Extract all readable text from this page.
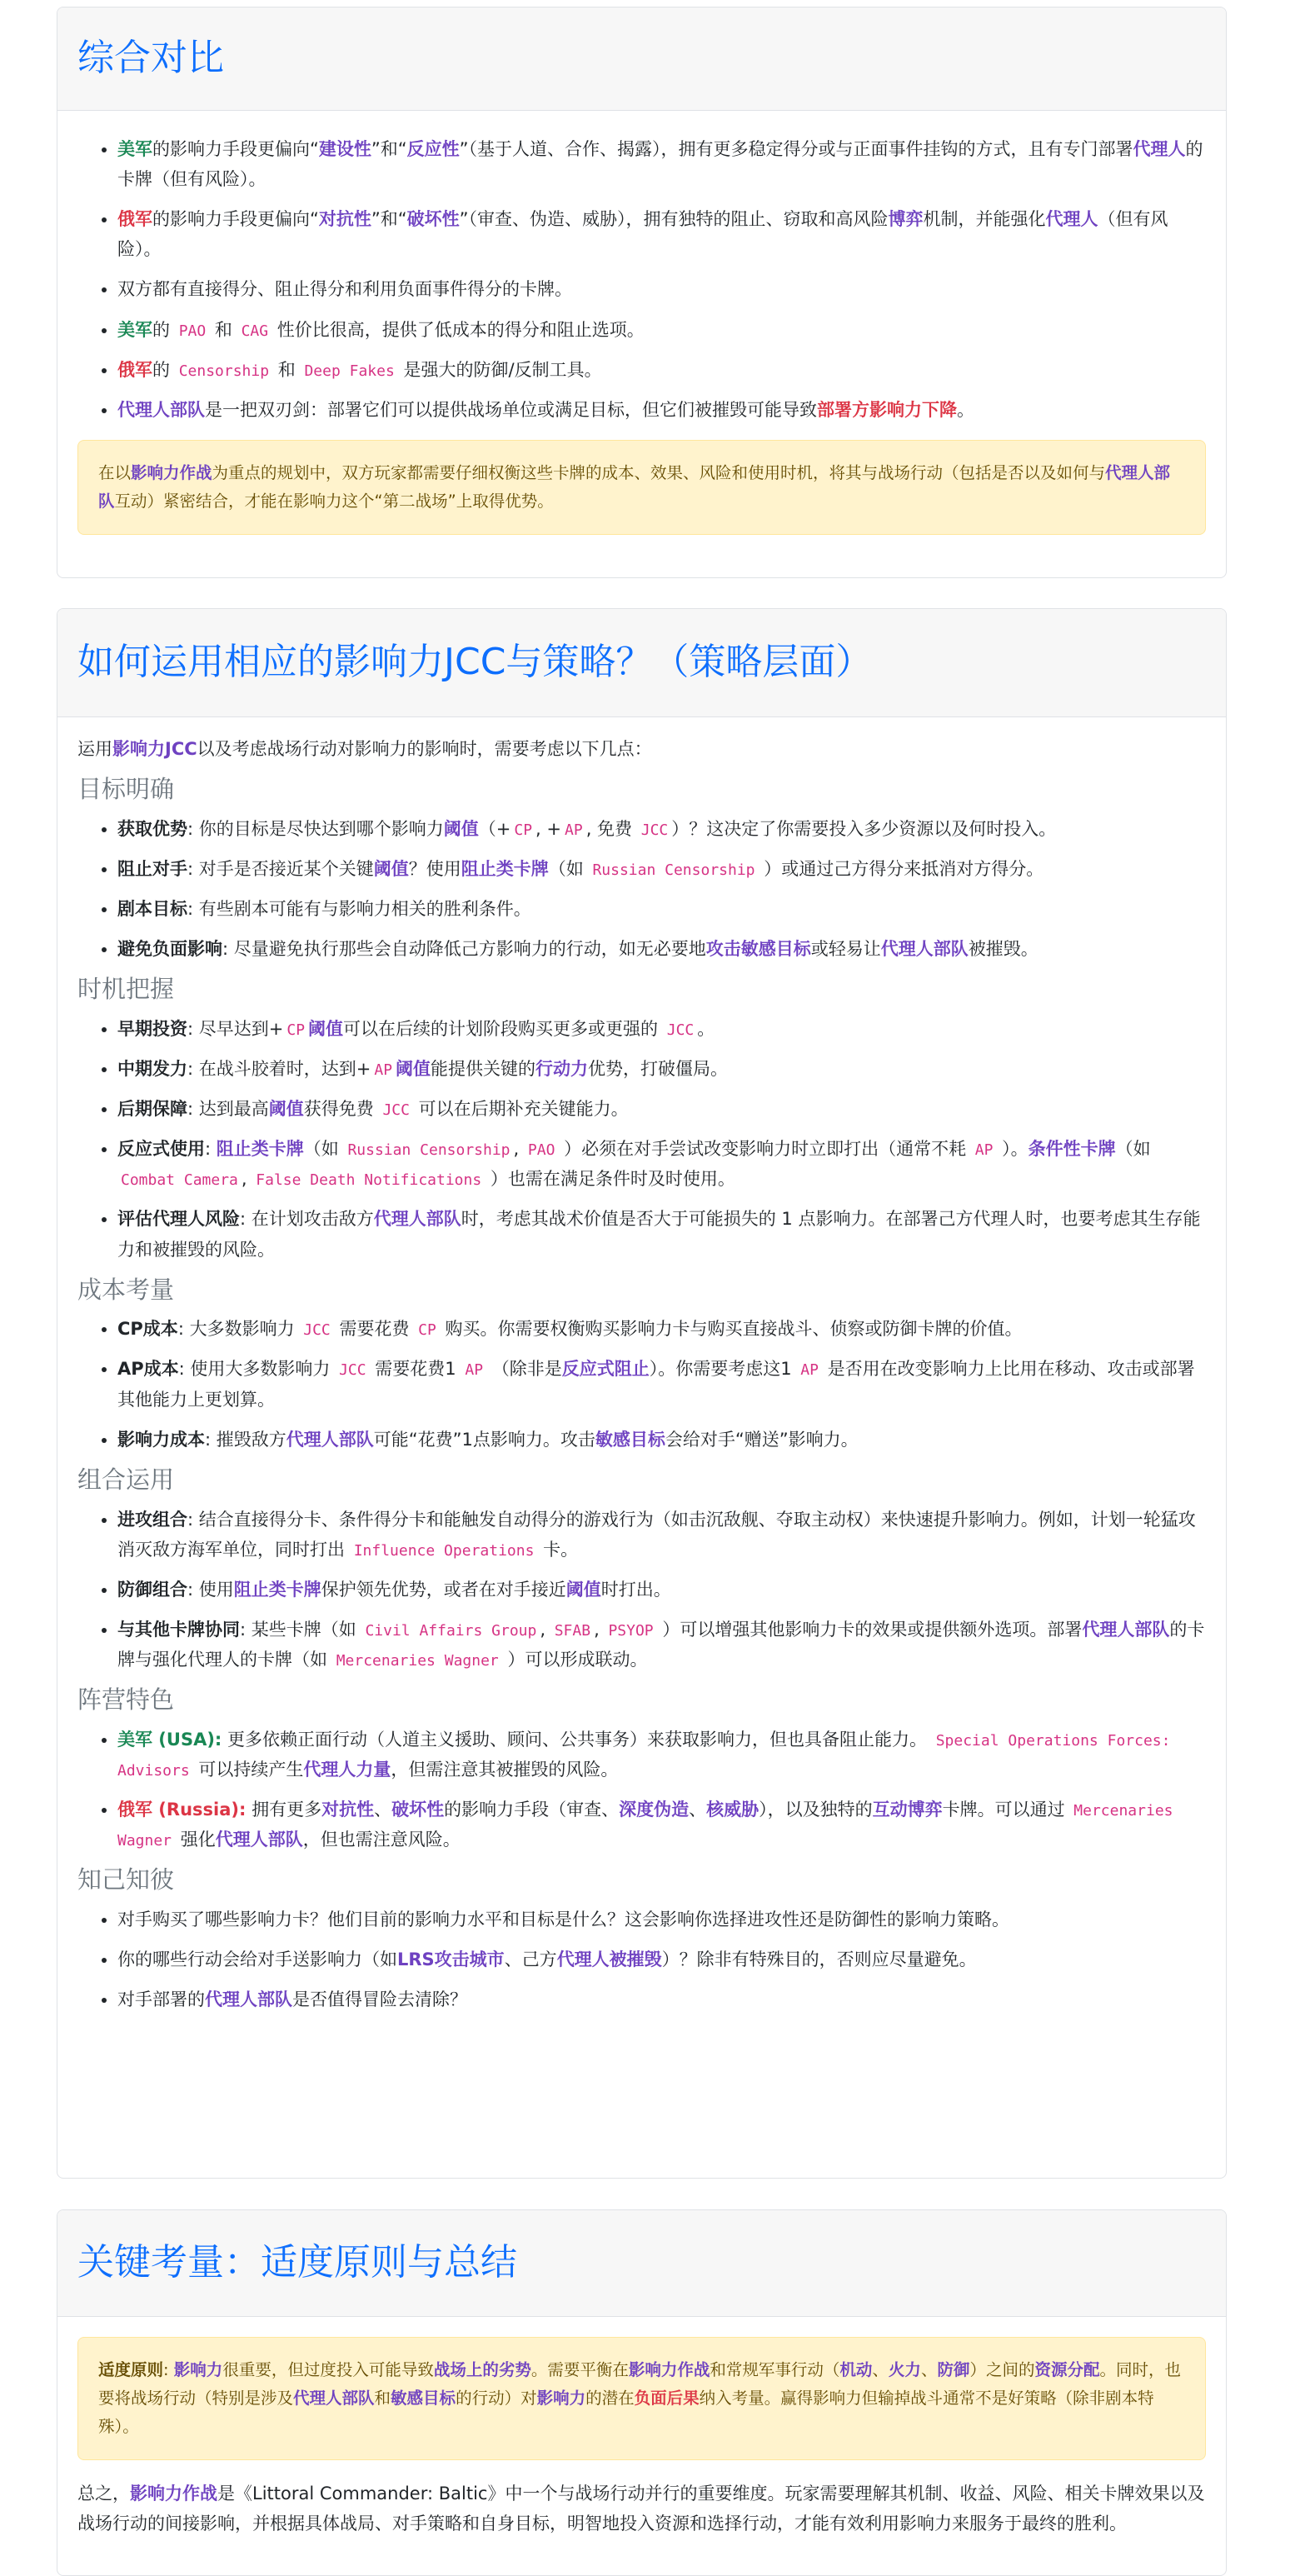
综合对比
• 美军的影响力手段更偏向“建设性”和“反应性”（基于人道、合作、揭露），拥有更多稳定得分或与正面事件挂钩的方式，且有专门部署代理人的卡牌（但有风险）。
• 俄军的影响力手段更偏向“对抗性”和“破坏性”（审查、伪造、威胁），拥有独特的阻止、窃取和高风险博弈机制，并能强化代理人（但有风险）。
• 双方都有直接得分、阻止得分和利用负面事件得分的卡牌。
• 美军的 PAO 和 CAG 性价比很高，提供了低成本的得分和阻止选项。
• 俄军的 Censorship 和 Deep Fakes 是强大的防御/反制工具。
• 代理人部队是一把双刃剑：部署它们可以提供战场单位或满足目标，但它们被摧毁可能导致部署方影响力下降。
在以影响力作战为重点的规划中，双方玩家都需要仔细权衡这些卡牌的成本、效果、风险和使用时机，将其与战场行动（包括是否以及如何与代理人部队互动）紧密结合，才能在影响力这个“第二战场”上取得优势。
如何运用相应的影响力JCC与策略？（策略层面）

运用影响力JCC以及考虑战场行动对影响力的影响时，需要考虑以下几点：

目标明确
• 获取优势: 你的目标是尽快达到哪个影响力阈值（+ CP , + AP , 免费 JCC ）？这决定了你需要投入多少资源以及何时投入。
• 阻止对手: 对手是否接近某个关键阈值？使用阻止类卡牌（如 Russian Censorship ）或通过己方得分来抵消对方得分。
• 剧本目标: 有些剧本可能有与影响力相关的胜利条件。
• 避免负面影响: 尽量避免执行那些会自动降低己方影响力的行动，如无必要地攻击敏感目标或轻易让代理人部队被摧毁。
时机把握
• 早期投资: 尽早达到+ CP 阈值可以在后续的计划阶段购买更多或更强的 JCC 。
• 中期发力: 在战斗胶着时，达到+ AP 阈值能提供关键的行动力优势，打破僵局。
• 后期保障: 达到最高阈值获得免费 JCC 可以在后期补充关键能力。
• 反应式使用: 阻止类卡牌（如 Russian Censorship , PAO ）必须在对手尝试改变影响力时立即打出（通常不耗 AP ）。条件性卡牌（如 Combat Camera , False Death Notifications ）也需在满足条件时及时使用。
• 评估代理人风险: 在计划攻击敌方代理人部队时，考虑其战术价值是否大于可能损失的 1 点影响力。在部署己方代理人时，也要考虑其生存能力和被摧毁的风险。
成本考量
• CP成本: 大多数影响力 JCC 需要花费 CP 购买。你需要权衡购买影响力卡与购买直接战斗、侦察或防御卡牌的价值。
• AP成本: 使用大多数影响力 JCC 需要花费1 AP （除非是反应式阻止）。你需要考虑这1 AP 是否用在改变影响力上比用在移动、攻击或部署其他能力上更划算。
• 影响力成本: 摧毁敌方代理人部队可能“花费”1点影响力。攻击敏感目标会给对手“赠送”影响力。
组合运用
• 进攻组合: 结合直接得分卡、条件得分卡和能触发自动得分的游戏行为（如击沉敌舰、夺取主动权）来快速提升影响力。例如，计划一轮猛攻消灭敌方海军单位，同时打出 Influence Operations 卡。
• 防御组合: 使用阻止类卡牌保护领先优势，或者在对手接近阈值时打出。
• 与其他卡牌协同: 某些卡牌（如 Civil Affairs Group , SFAB , PSYOP ）可以增强其他影响力卡的效果或提供额外选项。部署代理人部队的卡牌与强化代理人的卡牌（如 Mercenaries Wagner ）可以形成联动。
阵营特色
• 美军 (USA): 更多依赖正面行动（人道主义援助、顾问、公共事务）来获取影响力，但也具备阻止能力。 Special Operations Forces: Advisors 可以持续产生代理人力量，但需注意其被摧毁的风险。
• 俄军 (Russia): 拥有更多对抗性、破坏性的影响力手段（审查、深度伪造、核威胁），以及独特的互动博弈卡牌。可以通过 Mercenaries Wagner 强化代理人部队，但也需注意风险。
知己知彼
• 对手购买了哪些影响力卡？他们目前的影响力水平和目标是什么？这会影响你选择进攻性还是防御性的影响力策略。
• 你的哪些行动会给对手送影响力（如LRS攻击城市、己方代理人被摧毁）？除非有特殊目的，否则应尽量避免。
• 对手部署的代理人部队是否值得冒险去清除？
关键考量：适度原则与总结
适度原则: 影响力很重要，但过度投入可能导致战场上的劣势。需要平衡在影响力作战和常规军事行动（机动、火力、防御）之间的资源分配。同时，也要将战场行动（特别是涉及代理人部队和敏感目标的行动）对影响力的潜在负面后果纳入考量。赢得影响力但输掉战斗通常不是好策略（除非剧本特殊）。

总之，影响力作战是《Littoral Commander: Baltic》中一个与战场行动并行的重要维度。玩家需要理解其机制、收益、风险、相关卡牌效果以及战场行动的间接影响，并根据具体战局、对手策略和自身目标，明智地投入资源和选择行动，才能有效利用影响力来服务于最终的胜利。
